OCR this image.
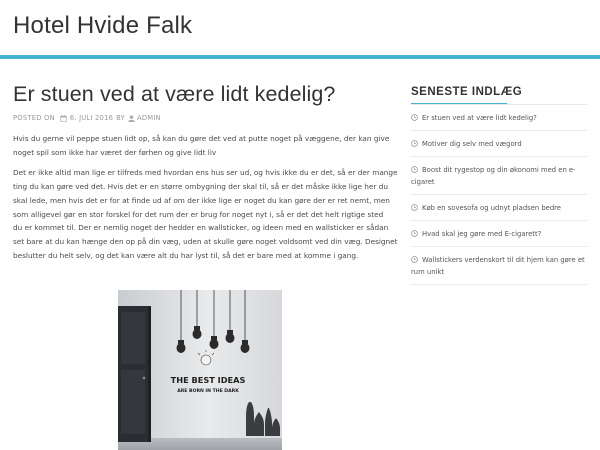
Hotel Hvide Falk
Er stuen ved at være lidt kedelig?
POSTED ON 6. JULI 2016 BY ADMIN

Hvis du gerne vil peppe stuen lidt op, så kan du gøre det ved at putte noget på væggene, der kan give
noget spil som ikke har været der førhen og give lidt liv

Det er ikke altid man lige er tilfreds med hvordan ens hus ser ud, og hvis ikke du er det, så er der mange
ting du kan gøre ved det. Hvis det er en større ombygning der skal til, så er det måske ikke lige her du
skal lede, men hvis det er for at finde ud af om der ikke lige er noget du kan gøre der er ret nemt, men
som alligevel gør en stor forskel for det rum der er brug for noget nyt i, så er det det helt rigtige sted
du er kommet til. Der er nemlig noget der hedder en wallsticker, og ideen med en wallsticker er sådan
set bare at du kan hænge den op på din væg, uden at skulle gøre noget voldsomt ved din væg. Designet
beslutter du helt selv, og det kan være alt du har lyst til, så det er bare med at komme i gang.

THE BEST IDEAS
ARE BORN IN THE DARK
SENESTE INDLÆG
Er stuen ved at være lidt kedelig?
Motiver dig selv med vægord
Boost dit rygestop og din økonomi med en e-
cigaret
Køb en sovesofa og udnyt pladsen bedre
Hvad skal jeg gøre med E-cigarett?
Wallstickers verdenskort til dit hjem kan gøre et
rum unikt
